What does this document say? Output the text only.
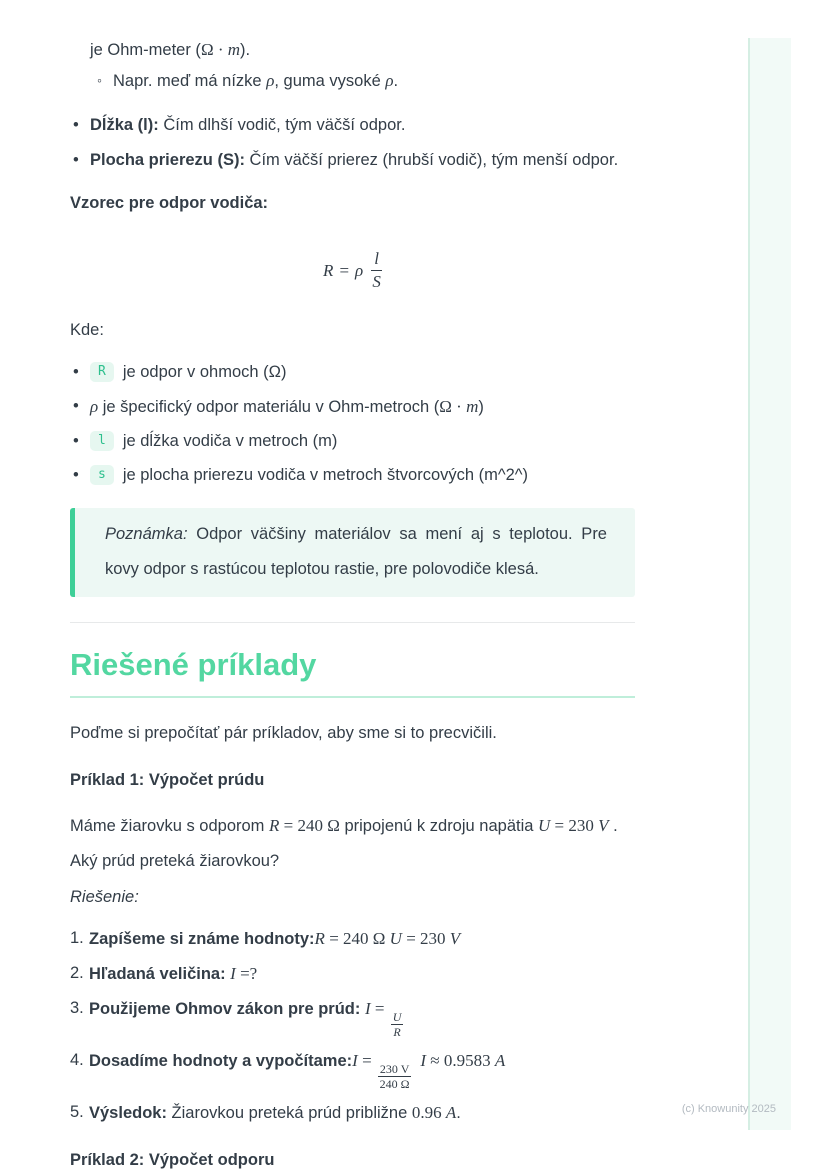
je Ohm-meter (Ω · m).

◦ Napr. meď má nízke ρ, guma vysoké ρ.

• Dĺžka (l): Čím dlhší vodič, tým väčší odpor.
• Plocha prierezu (S): Čím väčší prierez (hrubší vodič), tým menší odpor.

Vzorec pre odpor vodiča:

R = ρ $\frac{l}{S}$

Kde:

• R je odpor v ohmoch (Ω)
• ρ je špecifický odpor materiálu v Ohm-metroch (Ω · m)
• l je dĺžka vodiča v metroch (m)
• s je plocha prierezu vodiča v metroch štvorcových (m^2^)
Poznámka: Odpor väčšiny materiálov sa mení aj s teplotou. Pre kovy odpor s rastúcou teplotou rastie, pre polovodiče klesá.
Riešené príklady

Poďme si prepočítať pár príkladov, aby sme si to precvičili.

Príklad 1: Výpočet prúdu

Máme žiarovku s odporom R = 240 Ω pripojenú k zdroju napätia U = 230 V . Aký prúd preteká žiarovkou?

Riešenie:

1. Zapíšeme si známe hodnoty:R = 240 Ω U = 230 V
2. Hľadaná veličina: I =?
3. Použijeme Ohmov zákon pre prúd: I =
$\frac{U}{R}$
4. Dosadíme hodnoty a vypočítame:I =
$\frac{230 V}{240 \Omega}$
I ≈ 0.9583 A
5. Výsledok: Žiarovkou preteká prúd približne 0.96 A.

Príklad 2: Výpočet odporu

(c) Knowunity 2025
